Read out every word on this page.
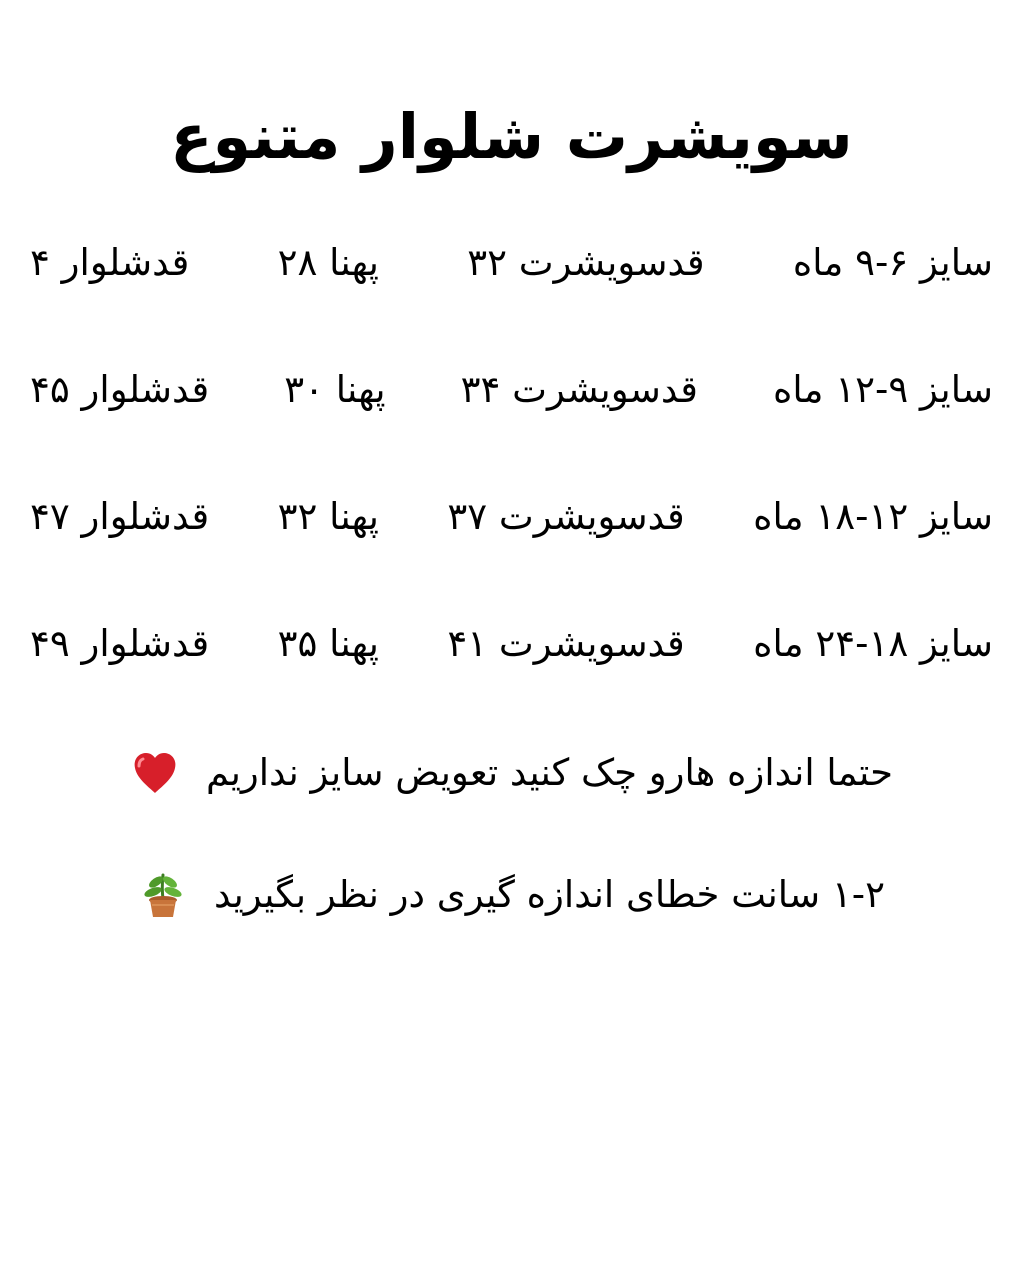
سویشرت شلوار متنوع
سایز ۶-۹ ماه
قدسویشرت ۳۲
پهنا ۲۸
قدشلوار ۴
سایز ۹-۱۲ ماه
قدسویشرت ۳۴
پهنا ۳۰
قدشلوار ۴۵
سایز ۱۲-۱۸ ماه
قدسویشرت ۳۷
پهنا ۳۲
قدشلوار ۴۷
سایز ۱۸-۲۴ ماه
قدسویشرت ۴۱
پهنا ۳۵
قدشلوار ۴۹
حتما اندازه هارو چک کنید تعویض سایز نداریم
۱-۲ سانت خطای اندازه گیری در نظر بگیرید
